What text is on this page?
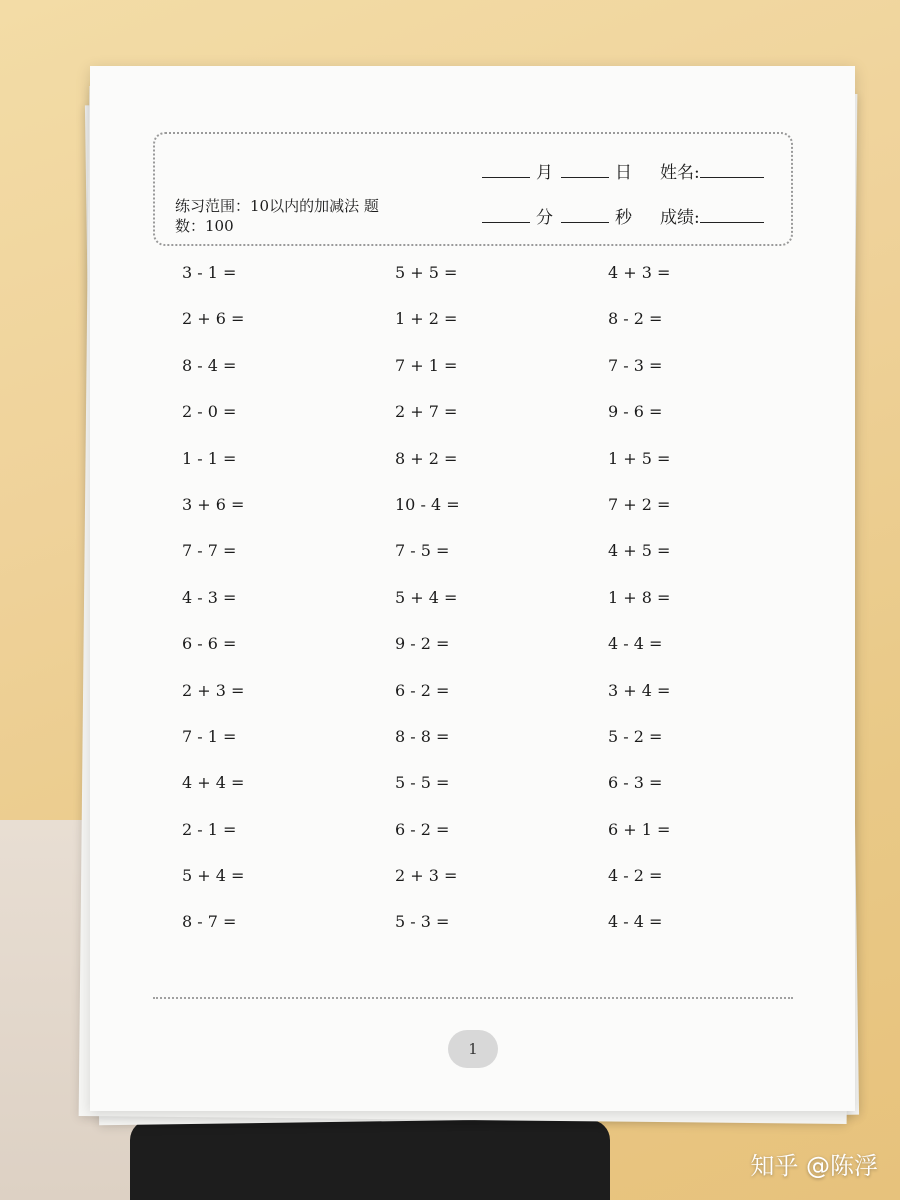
练习范围：10以内的加减法 题数：100
月	日 姓名:
分	秒 成绩:
3 - 1 =	5 + 5 =	4 + 3 =
2 + 6 =	1 + 2 =	8 - 2 =
8 - 4 =	7 + 1 =	7 - 3 =
2 - 0 =	2 + 7 =	9 - 6 =
1 - 1 =	8 + 2 =	1 + 5 =
3 + 6 =	10 - 4 =	7 + 2 =
7 - 7 =	7 - 5 =	4 + 5 =
4 - 3 =	5 + 4 =	1 + 8 =
6 - 6 =	9 - 2 =	4 - 4 =
2 + 3 =	6 - 2 =	3 + 4 =
7 - 1 =	8 - 8 =	5 - 2 =
4 + 4 =	5 - 5 =	6 - 3 =
2 - 1 =	6 - 2 =	6 + 1 =
5 + 4 =	2 + 3 =	4 - 2 =
8 - 7 =	5 - 3 =	4 - 4 =
1
知乎 @陈浮
